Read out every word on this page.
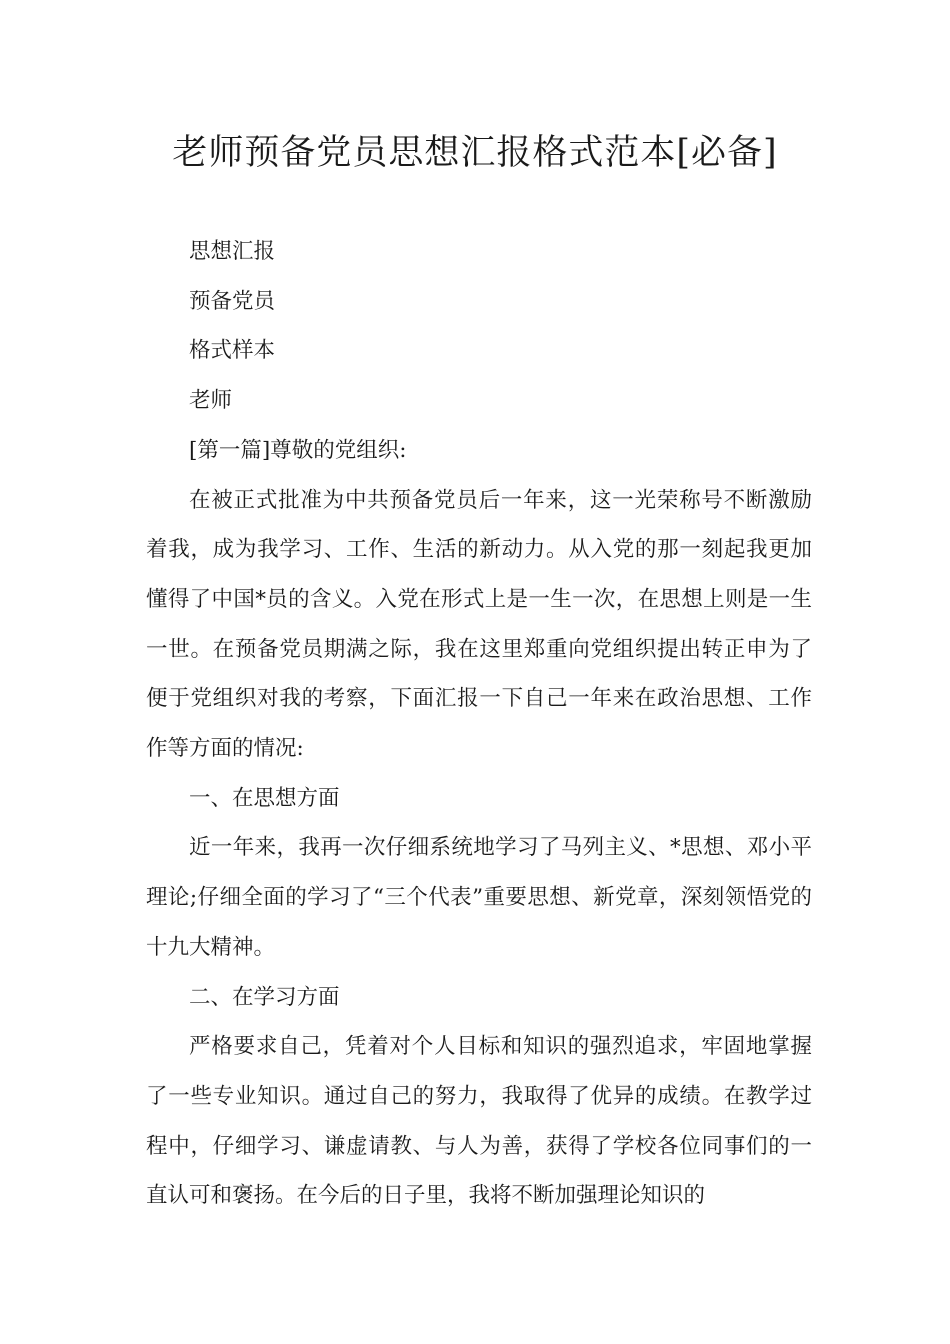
老师预备党员思想汇报格式范本[必备]

思想汇报

预备党员

格式样本

老师

[第一篇]尊敬的党组织:

在被正式批准为中共预备党员后一年来，这一光荣称号不断激励着我，成为我学习、工作、生活的新动力。从入党的那一刻起我更加懂得了中国*员的含义。入党在形式上是一生一次，在思想上则是一生一世。在预备党员期满之际，我在这里郑重向党组织提出转正申为了便于党组织对我的考察，下面汇报一下自己一年来在政治思想、工作作等方面的情况:

一、在思想方面

近一年来，我再一次仔细系统地学习了马列主义、*思想、邓小平理论;仔细全面的学习了“三个代表”重要思想、新党章，深刻领悟党的十九大精神。

二、在学习方面

严格要求自己，凭着对个人目标和知识的强烈追求，牢固地掌握了一些专业知识。通过自己的努力，我取得了优异的成绩。在教学过程中，仔细学习、谦虚请教、与人为善，获得了学校各位同事们的一直认可和褒扬。在今后的日子里，我将不断加强理论知识的
